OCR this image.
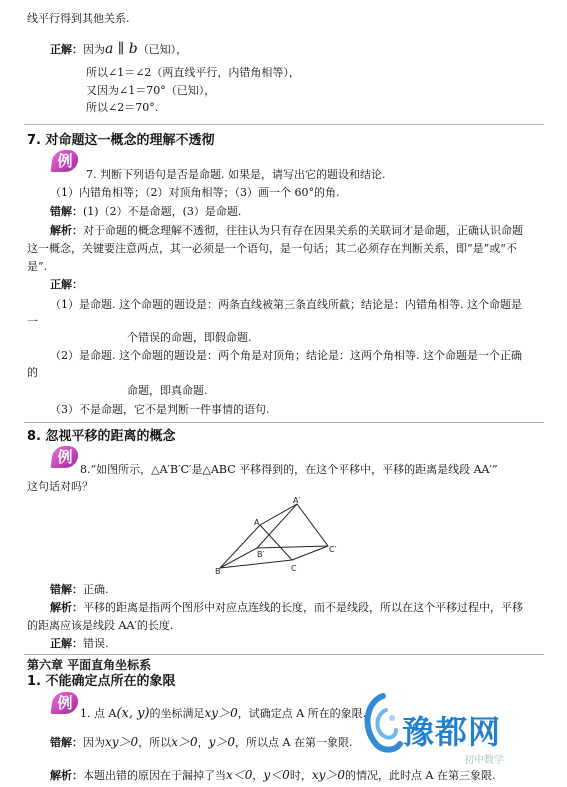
线平行得到其他关系.
正解：因为a ∥ b（已知），
所以∠1＝∠2（两直线平行，内错角相等），
又因为∠1＝70°（已知），
所以∠2＝70°.
7. 对命题这一概念的理解不透彻
例
7. 判断下列语句是否是命题. 如果是，请写出它的题设和结论.
（1）内错角相等；（2）对顶角相等；（3）画一个 60°的角.
错解：(1)（2）不是命题，(3）是命题.
解析：对于命题的概念理解不透彻，往往认为只有存在因果关系的关联词才是命题，正确认识命题
这一概念，关键要注意两点，其一必须是一个语句，是一句话；其二必须存在判断关系，即“是”或“不
是”.
正解：
（1）是命题. 这个命题的题设是：两条直线被第三条直线所截；结论是：内错角相等. 这个命题是
一
个错误的命题，即假命题.
（2）是命题. 这个命题的题设是：两个角是对顶角；结论是：这两个角相等. 这个命题是一个正确
的
命题，即真命题.
（3）不是命题，它不是判断一件事情的语句.
8. 忽视平移的距离的概念
例
8.“如图所示，△A′B′C′是△ABC 平移得到的，在这个平移中，平移的距离是线段 AA′”
这句话对吗？
A
B	C
A′
B′
C′
错解：正确.
解析：平移的距离是指两个图形中对应点连线的长度，而不是线段，所以在这个平移过程中，平移
的距离应该是线段 AA′的长度.
正解：错误.
第六章 平面直角坐标系
1. 不能确定点所在的象限
例
1. 点 A(x, y)的坐标满足xy＞0，试确定点 A 所在的象限.
错解：因为xy＞0，所以x＞0，y＞0，所以点 A 在第一象限.
解析：本题出错的原因在于漏掉了当x＜0，y＜0时，xy＞0的情况，此时点 A 在第三象限.
豫都网
初中数学
